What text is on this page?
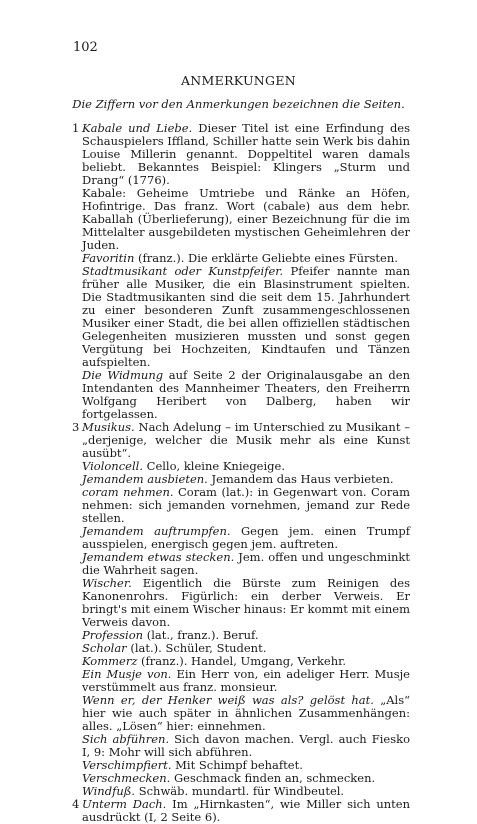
102
ANMERKUNGEN
Die Ziffern vor den Anmerkungen bezeichnen die Seiten.
1 Kabale und Liebe. Dieser Titel ist eine Erfindung des Schauspielers Iffland, Schiller hatte sein Werk bis dahin Louise Millerin genannt. Doppeltitel waren damals beliebt. Bekanntes Beispiel: Klingers „Sturm und Drang“ (1776).

Kabale: Geheime Umtriebe und Ränke an Höfen, Hofintrige. Das franz. Wort (cabale) aus dem hebr. Kaballah (Überlieferung), einer Bezeichnung für die im Mittelalter ausgebildeten mystischen Geheimlehren der Juden.

Favoritin (franz.). Die erklärte Geliebte eines Fürsten.

Stadtmusikant oder Kunstpfeifer. Pfeifer nannte man früher alle Musiker, die ein Blasinstrument spielten. Die Stadtmusikanten sind die seit dem 15. Jahrhundert zu einer besonderen Zunft zusammengeschlossenen Musiker einer Stadt, die bei allen offiziellen städtischen Gelegenheiten musizieren mussten und sonst gegen Vergütung bei Hochzeiten, Kindtaufen und Tänzen aufspielten.

Die Widmung auf Seite 2 der Originalausgabe an den Intendanten des Mannheimer Theaters, den Freiherrn Wolfgang Heribert von Dalberg, haben wir fortgelassen.

3 Musikus. Nach Adelung – im Unterschied zu Musikant – „derjenige, welcher die Musik mehr als eine Kunst ausübt“.

Violoncell. Cello, kleine Kniegeige.

Jemandem ausbieten. Jemandem das Haus verbieten.

coram nehmen. Coram (lat.): in Gegenwart von. Coram nehmen: sich jemanden vornehmen, jemand zur Rede stellen.

Jemandem auftrumpfen. Gegen jem. einen Trumpf ausspielen, energisch gegen jem. auftreten.

Jemandem etwas stecken. Jem. offen und ungeschminkt die Wahrheit sagen.

Wischer. Eigentlich die Bürste zum Reinigen des Kanonenrohrs. Figürlich: ein derber Verweis. Er bringt's mit einem Wischer hinaus: Er kommt mit einem Verweis davon.

Profession (lat., franz.). Beruf.

Scholar (lat.). Schüler, Student.

Kommerz (franz.). Handel, Umgang, Verkehr.

Ein Musje von. Ein Herr von, ein adeliger Herr. Musje verstümmelt aus franz. monsieur.

Wenn er, der Henker weiß was als? gelöst hat. „Als“ hier wie auch später in ähnlichen Zusammenhängen: alles. „Lösen“ hier: einnehmen.

Sich abführen. Sich davon machen. Vergl. auch Fiesko I, 9: Mohr will sich abführen.

Verschimpfiert. Mit Schimpf behaftet.

Verschmecken. Geschmack finden an, schmecken.

Windfuß. Schwäb. mundartl. für Windbeutel.

4 Unterm Dach. Im „Hirnkasten“, wie Miller sich unten ausdrückt (I, 2 Seite 6).
